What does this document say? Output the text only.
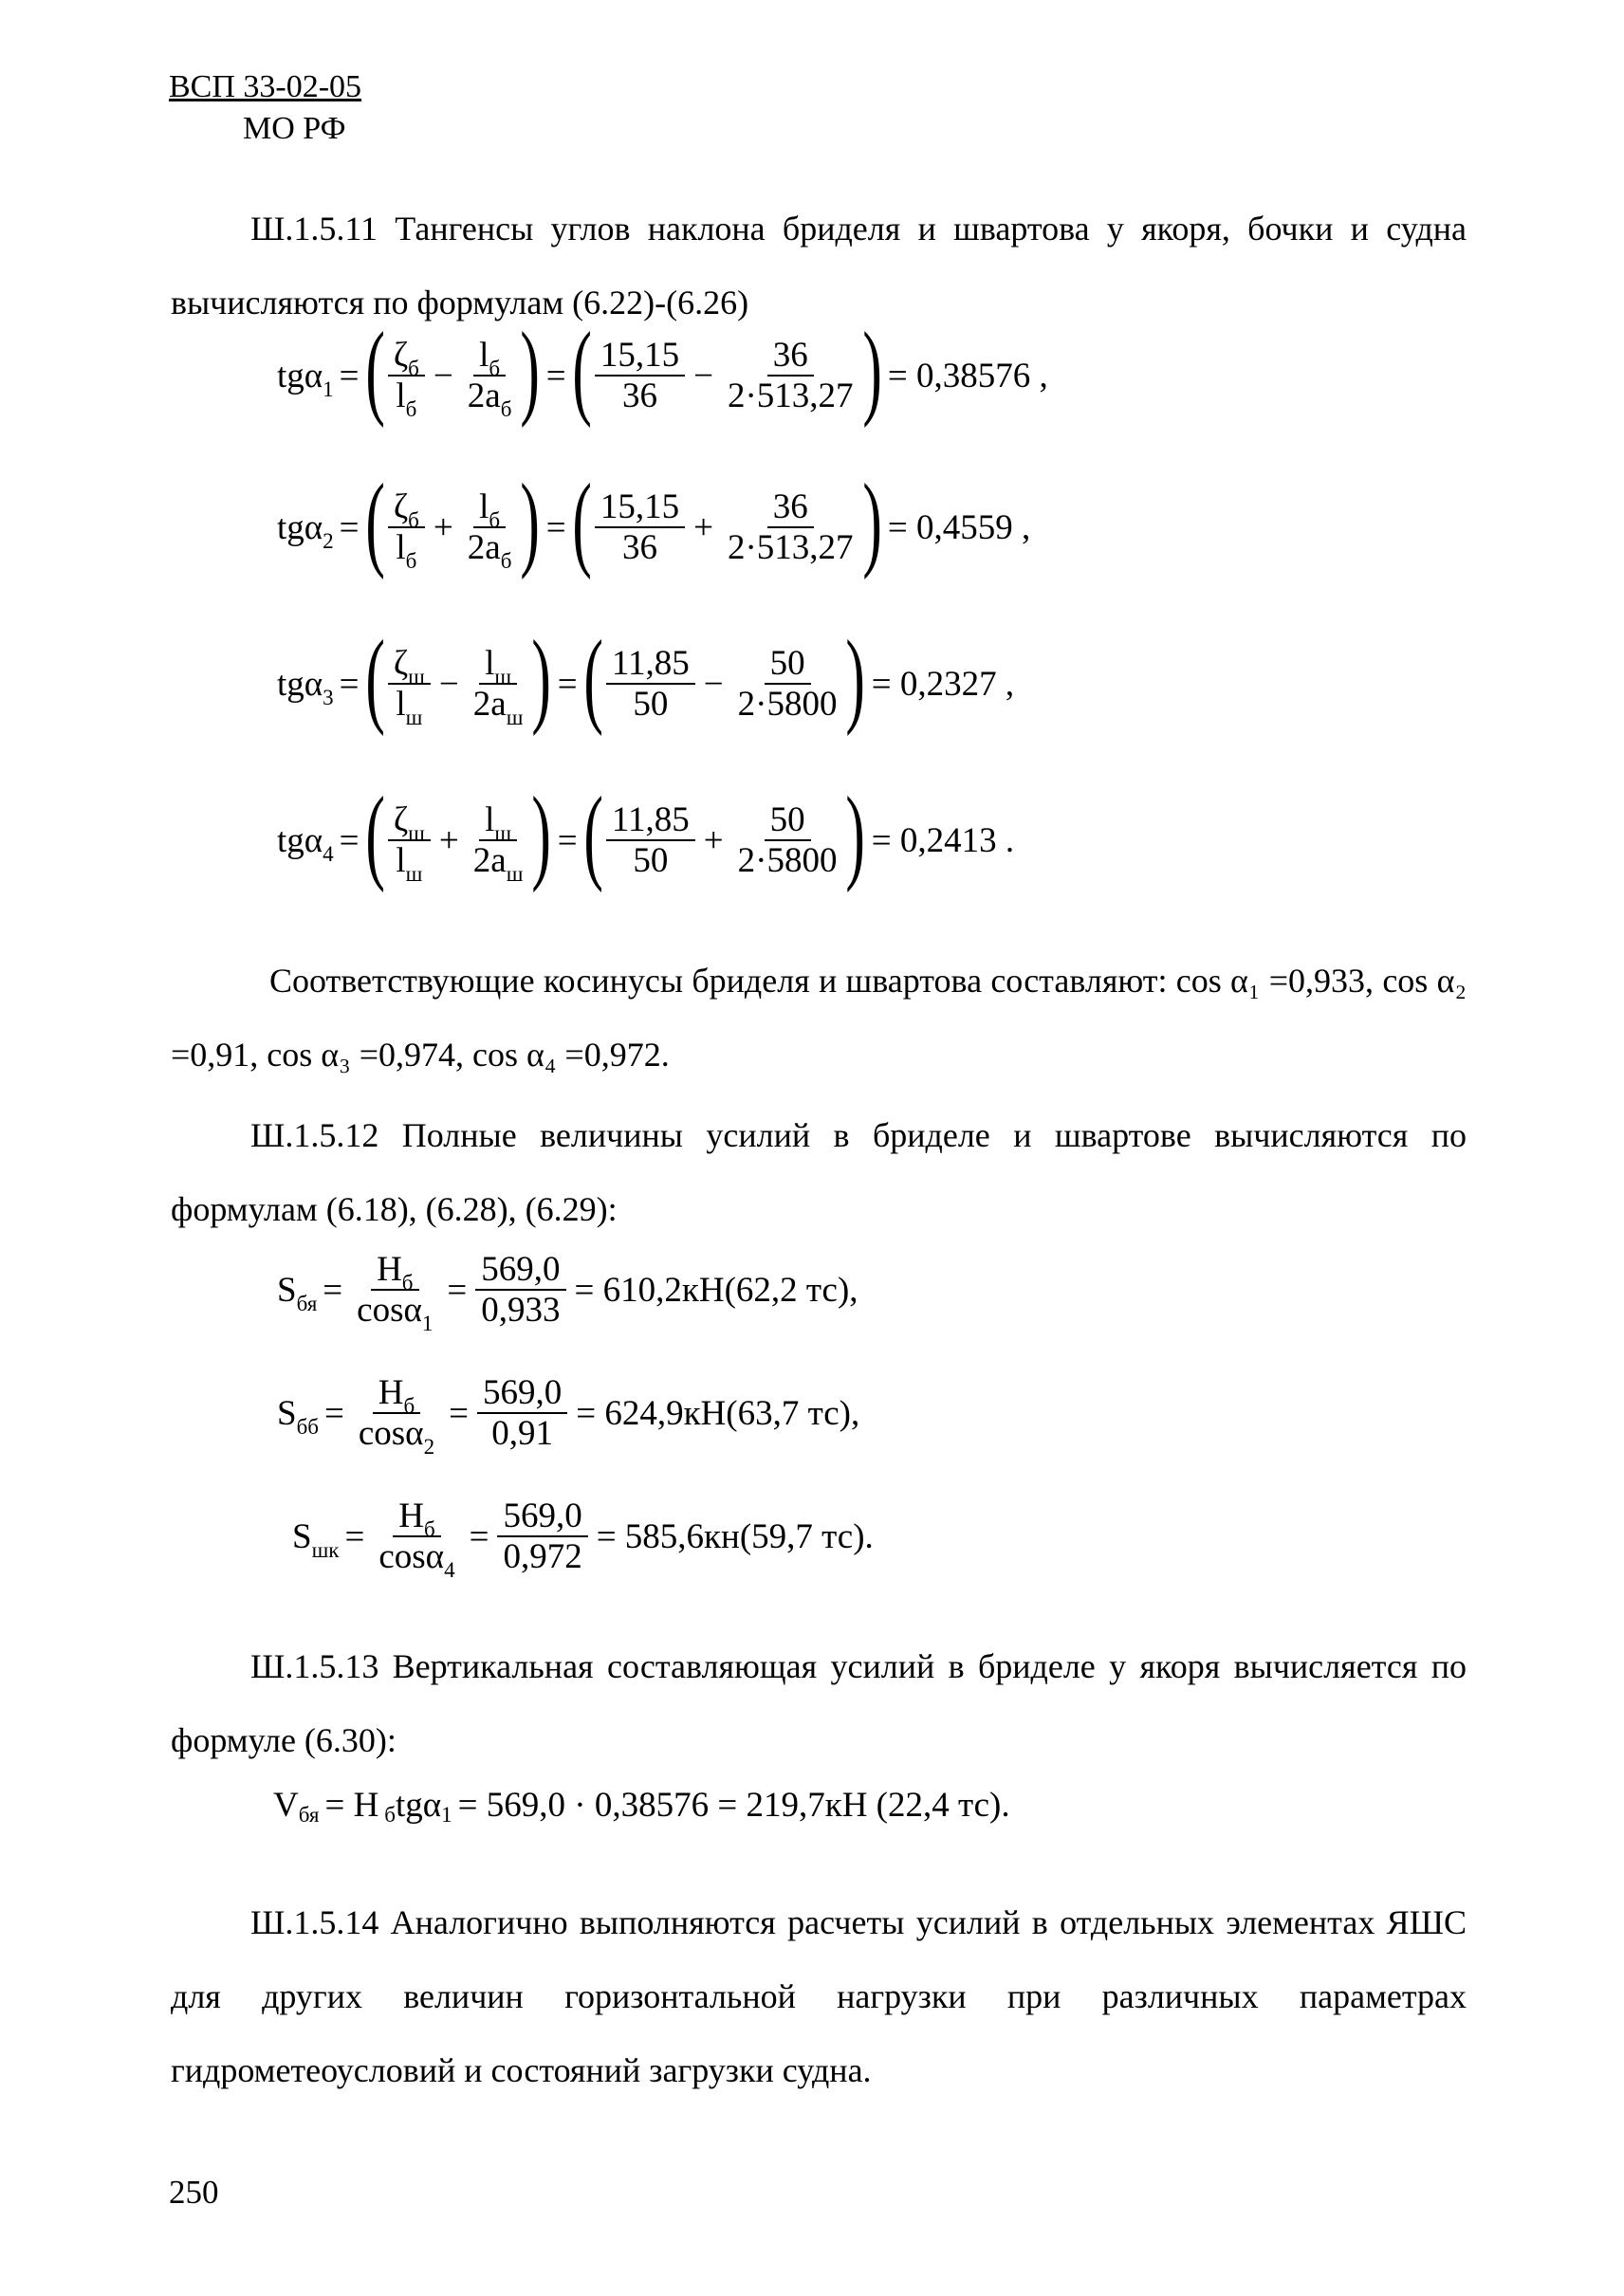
ВСП 33-02-05
МО РФ

Ш.1.5.11 Тангенсы углов наклона бриделя и швартова у якоря, бочки и судна вычисляются по формулам (6.22)-(6.26)

tgα$_1$ = ( $\frac{\zeta_б}{l_б} - \frac{l_б}{2a_б}$ ) = ( $\frac{15,15}{36} - \frac{36}{2\cdot 513,27}$ ) = 0,38576 ,
tgα$_2$ = ( $\frac{\zeta_б}{l_б} + \frac{l_б}{2a_б}$ ) = ( $\frac{15,15}{36} + \frac{36}{2\cdot 513,27}$ ) = 0,4559 ,
tgα$_3$ = ( $\frac{\zeta_ш}{l_ш} - \frac{l_ш}{2a_ш}$ ) = ( $\frac{11,85}{50} - \frac{50}{2\cdot 5800}$ ) = 0,2327 ,
tgα$_4$ = ( $\frac{\zeta_ш}{l_ш} + \frac{l_ш}{2a_ш}$ ) = ( $\frac{11,85}{50} + \frac{50}{2\cdot 5800}$ ) = 0,2413 .

Соответствующие косинусы бриделя и швартова составляют: cos α₁ =0,933, cos α₂ =0,91, cos α₃ =0,974, cos α₄ =0,972.

Ш.1.5.12 Полные величины усилий в бриделе и швартове вычисляются по формулам (6.18), (6.28), (6.29):

$S_{бя} = \frac{H_б}{\cos\alpha_1} = \frac{569,0}{0,933} = 610,2кН(62,2$ тс),
$S_{бб} = \frac{H_б}{\cos\alpha_2} = \frac{569,0}{0,91} = 624,9кН(63,7$ тс),
$S_{шк} = \frac{H_б}{\cos\alpha_4} = \frac{569,0}{0,972} = 585,6кн(59,7$ тс).

Ш.1.5.13 Вертикальная составляющая усилий в бриделе у якоря вычисляется по формуле (6.30):

V бя = H б tgα 1 = 569,0 · 0,38576 = 219,7кН (22,4 тс).

Ш.1.5.14 Аналогично выполняются расчеты усилий в отдельных элементах ЯШС для других величин горизонтальной нагрузки при различных параметрах гидрометеоусловий и состояний загрузки судна.

250
